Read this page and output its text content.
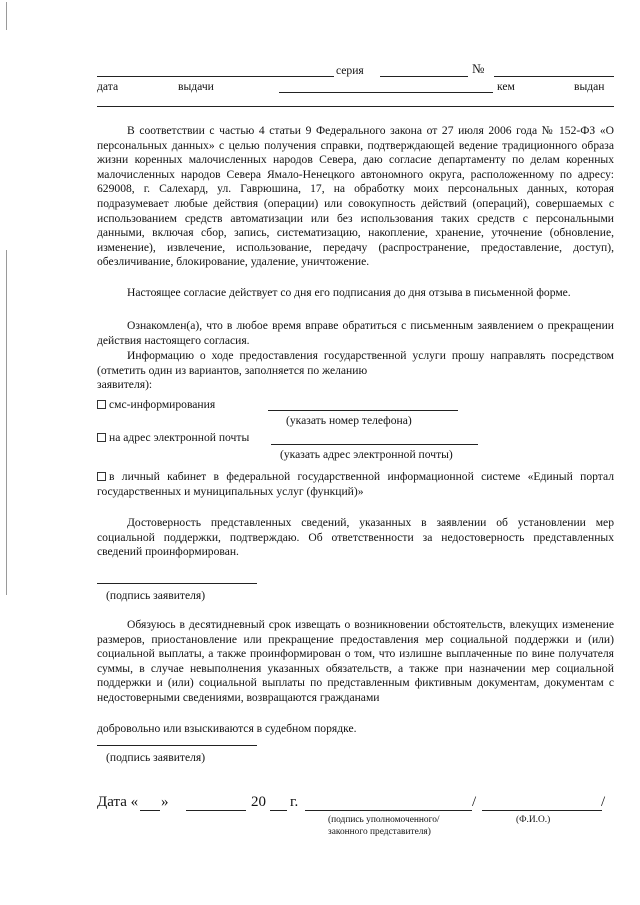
серия	№
дата	выдачи	кем	выдан
В соответствии с частью 4 статьи 9 Федерального закона от 27 июля 2006 года № 152-ФЗ «О персональных данных» с целью получения справки, подтверждающей ведение традиционного образа жизни коренных малочисленных народов Севера, даю согласие департаменту по делам коренных малочисленных народов Севера Ямало-Ненецкого автономного округа, расположенному по адресу: 629008, г. Салехард, ул. Гаврюшина, 17, на обработку моих персональных данных, которая подразумевает любые действия (операции) или совокупность действий (операций), совершаемых с использованием средств автоматизации или без использования таких средств с персональными данными, включая сбор, запись, систематизацию, накопление, хранение, уточнение (обновление, изменение), извлечение, использование, передачу (распространение, предоставление, доступ), обезличивание, блокирование, удаление, уничтожение.
Настоящее согласие действует со дня его подписания до дня отзыва в письменной форме.
Ознакомлен(а), что в любое время вправе обратиться с письменным заявлением о прекращении действия настоящего согласия.
Информацию о ходе предоставления государственной услуги прошу направлять посредством (отметить один из вариантов, заполняется по желанию
заявителя):
смс-информирования
(указать номер телефона)
на адрес электронной почты
(указать адрес электронной почты)
в личный кабинет в федеральной государственной информационной системе «Единый портал государственных и муниципальных услуг (функций)»
Достоверность представленных сведений, указанных в заявлении об установлении мер социальной поддержки, подтверждаю. Об ответственности за недостоверность представленных сведений проинформирован.
(подпись заявителя)
Обязуюсь в десятидневный срок извещать о возникновении обстоятельств, влекущих изменение размеров, приостановление или прекращение предоставления мер социальной поддержки и (или) социальной выплаты, а также проинформирован о том, что излишне выплаченные по вине получателя суммы, в случае невыполнения указанных обязательств, а также при назначении мер социальной поддержки и (или) социальной выплаты по представленным фиктивным документам, документам с недостоверными сведениями, возвращаются гражданами
добровольно или взыскиваются в судебном порядке.
(подпись заявителя)
Дата « »	20 г.	/	/
(подпись уполномоченного/
законного представителя)
(Ф.И.О.)
